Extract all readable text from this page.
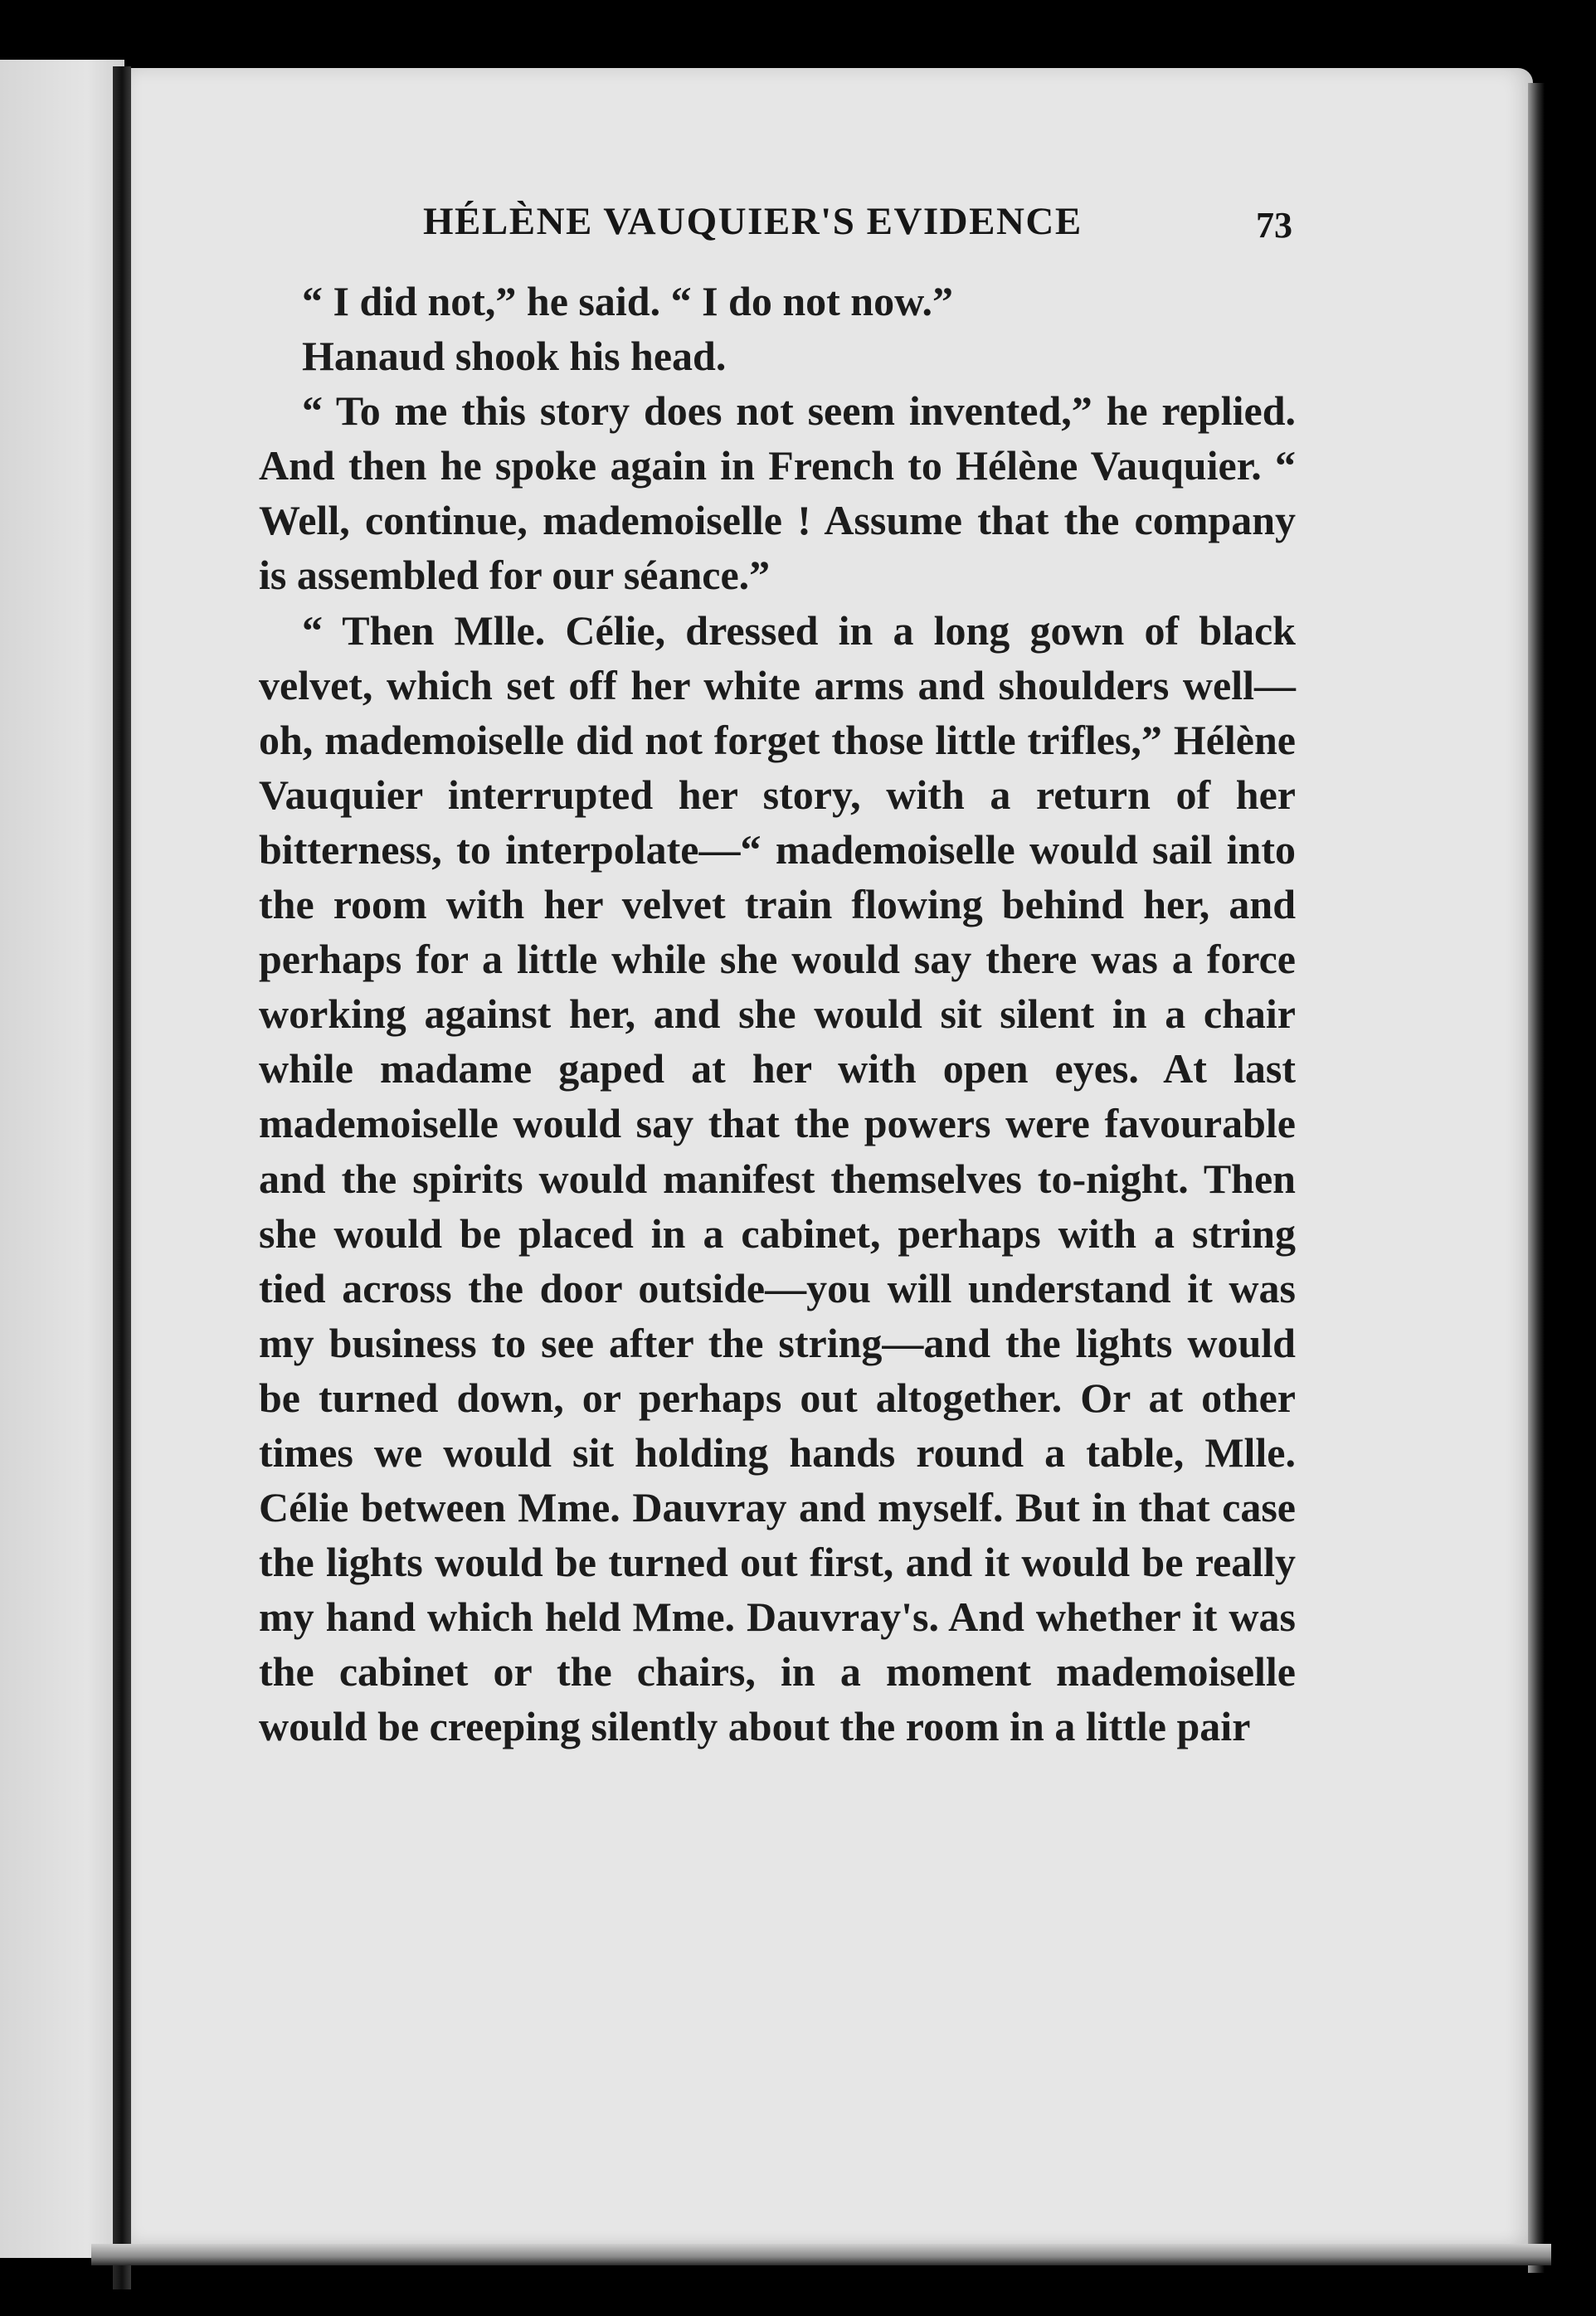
HÉLÈNE VAUQUIER'S EVIDENCE	73

“ I did not,” he said. “ I do not now.”

Hanaud shook his head.

“ To me this story does not seem invented,” he replied. And then he spoke again in French to Hélène Vauquier. “ Well, continue, mademoiselle ! Assume that the company is assembled for our séance.”

“ Then Mlle. Célie, dressed in a long gown of black velvet, which set off her white arms and shoulders well—oh, mademoiselle did not forget those little trifles,” Hélène Vauquier interrupted her story, with a return of her bitterness, to interpolate—“ mademoiselle would sail into the room with her velvet train flowing behind her, and perhaps for a little while she would say there was a force working against her, and she would sit silent in a chair while madame gaped at her with open eyes. At last mademoiselle would say that the powers were favourable and the spirits would manifest themselves to-night. Then she would be placed in a cabinet, perhaps with a string tied across the door outside—you will understand it was my business to see after the string—and the lights would be turned down, or perhaps out altogether. Or at other times we would sit holding hands round a table, Mlle. Célie between Mme. Dauvray and myself. But in that case the lights would be turned out first, and it would be really my hand which held Mme. Dauvray's. And whether it was the cabinet or the chairs, in a moment mademoiselle would be creeping silently about the room in a little pair
